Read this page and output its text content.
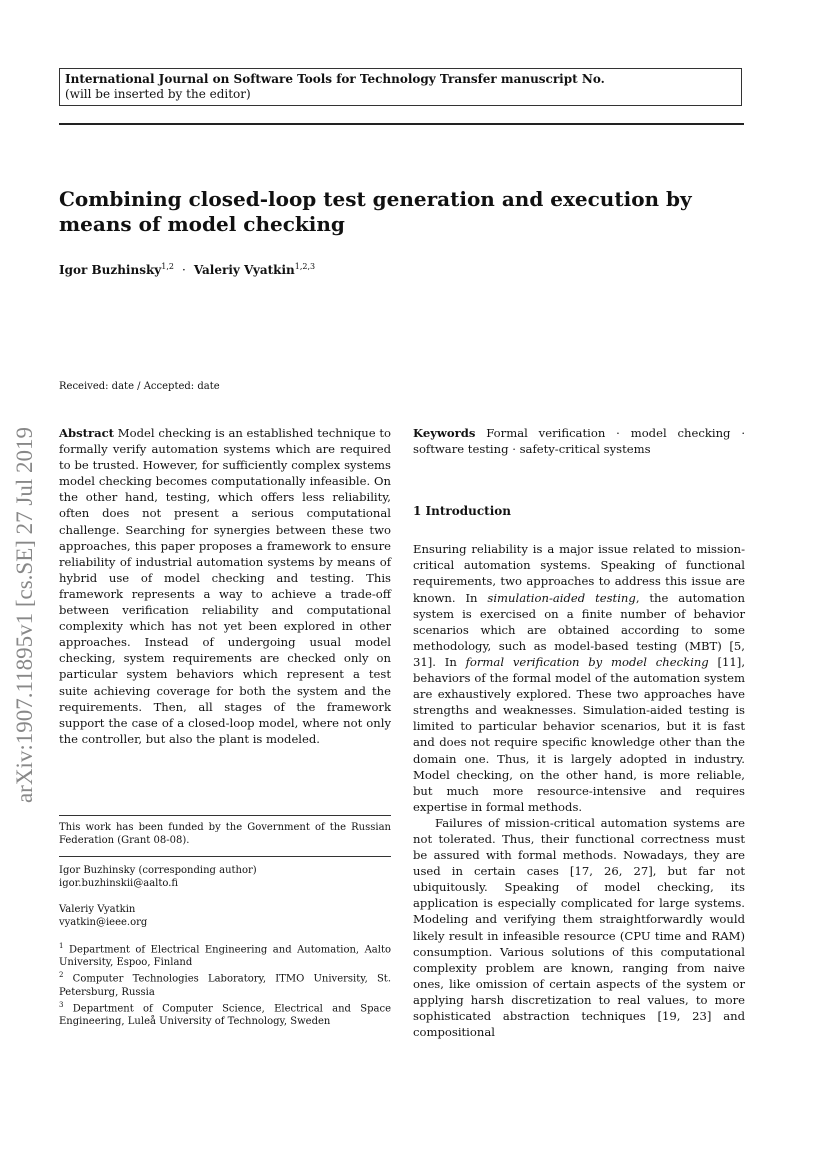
International Journal on Software Tools for Technology Transfer manuscript No.
(will be inserted by the editor)
arXiv:1907.11895v1 [cs.SE] 27 Jul 2019
Combining closed-loop test generation and execution by means of model checking
Igor Buzhinsky$^{1,2}$ · Valeriy Vyatkin$^{1,2,3}$
Received: date / Accepted: date

Abstract Model checking is an established technique to formally verify automation systems which are required to be trusted. However, for sufficiently complex systems model checking becomes computationally infeasible. On the other hand, testing, which offers less reliability, often does not present a serious computational challenge. Searching for synergies between these two approaches, this paper proposes a framework to ensure reliability of industrial automation systems by means of hybrid use of model checking and testing. This framework represents a way to achieve a trade-off between verification reliability and computational complexity which has not yet been explored in other approaches. Instead of undergoing usual model checking, system requirements are checked only on particular system behaviors which represent a test suite achieving coverage for both the system and the requirements. Then, all stages of the framework support the case of a closed-loop model, where not only the controller, but also the plant is modeled.

This work has been funded by the Government of the Russian Federation (Grant 08-08).
Igor Buzhinsky (corresponding author)
igor.buzhinskii@aalto.fi
Valeriy Vyatkin
vyatkin@ieee.org
$^1$ Department of Electrical Engineering and Automation, Aalto University, Espoo, Finland
$^2$ Computer Technologies Laboratory, ITMO University, St. Petersburg, Russia
$^3$ Department of Computer Science, Electrical and Space Engineering, Luleå University of Technology, Sweden

Keywords Formal verification · model checking · software testing · safety-critical systems

1 Introduction

Ensuring reliability is a major issue related to mission-critical automation systems. Speaking of functional requirements, two approaches to address this issue are known. In simulation-aided testing, the automation system is exercised on a finite number of behavior scenarios which are obtained according to some methodology, such as model-based testing (MBT) [5, 31]. In formal verification by model checking [11], behaviors of the formal model of the automation system are exhaustively explored. These two approaches have strengths and weaknesses. Simulation-aided testing is limited to particular behavior scenarios, but it is fast and does not require specific knowledge other than the domain one. Thus, it is largely adopted in industry. Model checking, on the other hand, is more reliable, but much more resource-intensive and requires expertise in formal methods.

Failures of mission-critical automation systems are not tolerated. Thus, their functional correctness must be assured with formal methods. Nowadays, they are used in certain cases [17, 26, 27], but far not ubiquitously. Speaking of model checking, its application is especially complicated for large systems. Modeling and verifying them straightforwardly would likely result in infeasible resource (CPU time and RAM) consumption. Various solutions of this computational complexity problem are known, ranging from naive ones, like omission of certain aspects of the system or applying harsh discretization to real values, to more sophisticated abstraction techniques [19, 23] and compositional
